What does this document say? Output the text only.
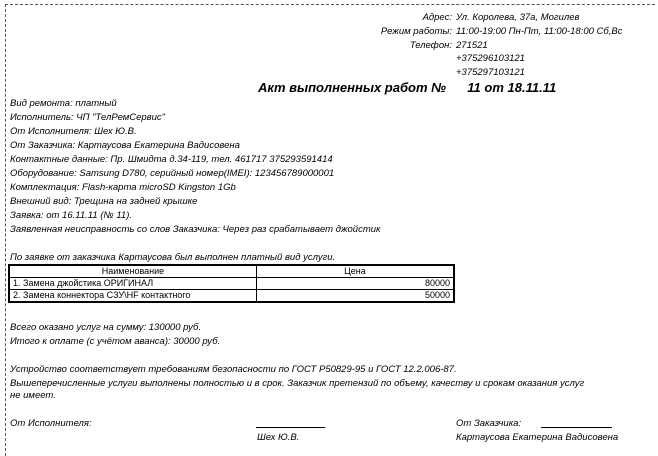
Адрес: Ул. Королева, 37а, Могилев
Режим работы: 11:00-19:00 Пн-Пт, 11:00-18:00 Сб,Вс
Телефон: 271521
+375296103121
+375297103121
Акт выполненных работ № 11 от 18.11.11
Вид ремонта: платный
Исполнитель: ЧП "ТелРемСервис"
От Исполнителя: Шех Ю.В.
От Заказчика: Картаусова Екатерина Вадисовена
Контактные данные: Пр. Шмидта д.34-119, тел. 461717 375293591414
Оборудование: Samsung D780, серийный номер(IMEI): 123456789000001
Комплектация: Flash-карта microSD Kingston 1Gb
Внешний вид: Трещина на задней крышке
Заявка: от 16.11.11 (№ 11).
Заявленная неисправность со слов Заказчика: Через раз срабатывает джойстик
По заявке от заказчика Картаусова был выполнен платный вид услуги.
Наименование	Цена
1. Замена джойстика ОРИГИНАЛ	80000
2. Замена коннектора СЗУ\HF контактного	50000
Всего оказано услуг на сумму: 130000 руб.
Итого к оплате (с учётом аванса): 30000 руб.
Устройство соответствует требованиям безопасности по ГОСТ Р50829-95 и ГОСТ 12.2.006-87.
Вышеперечисленные услуги выполнены полностью и в срок. Заказчик претензий по объему, качеству и срокам оказания услуг
не имеет.
От Исполнителя:
Шех Ю.В.
От Заказчика:
Картаусова Екатерина Вадисовена
